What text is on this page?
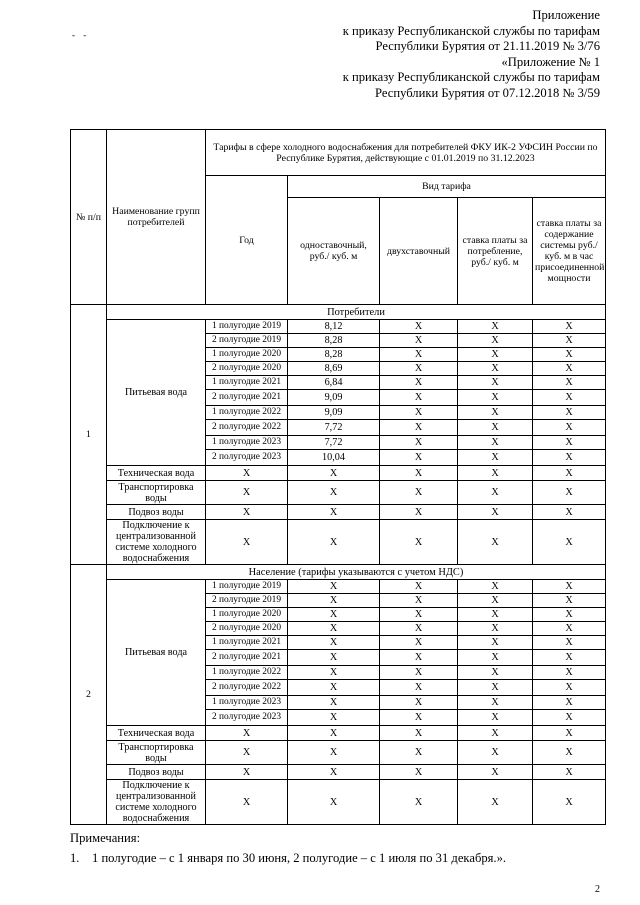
- -
Приложение
к приказу Республиканской службы по тарифам
Республики Бурятия от 21.11.2019 № 3/76
«Приложение № 1
к приказу Республиканской службы по тарифам
Республики Бурятия от 07.12.2018 № 3/59
№ п/п	Наименование групп потребителей	Тарифы в сфере холодного водоснабжения для потребителей ФКУ ИК-2 УФСИН России по Республике Бурятия, действующие с 01.01.2019 по 31.12.2023				
		Год	Вид тарифа			
			одноставочный, руб./ куб. м	двухставочный	ставка платы за потребление, руб./ куб. м	ставка платы за содержание системы руб./куб. м в час присоединенной мощности
1	Потребители					
	Питьевая вода	1 полугодие 2019	8,12	X	X	X
		2 полугодие 2019	8,28	X	X	X
		1 полугодие 2020	8,28	X	X	X
		2 полугодие 2020	8,69	X	X	X
		1 полугодие 2021	6,84	X	X	X
		2 полугодие 2021	9,09	X	X	X
		1 полугодие 2022	9,09	X	X	X
		2 полугодие 2022	7,72	X	X	X
		1 полугодие 2023	7,72	X	X	X
		2 полугодие 2023	10,04	X	X	X
	Техническая вода	X	X	X	X	X
	Транспортировка воды	X	X	X	X	X
	Подвоз воды	X	X	X	X	X
	Подключение к централизованной системе холодного водоснабжения	X	X	X	X	X
2	Население (тарифы указываются с учетом НДС)					
	Питьевая вода	1 полугодие 2019	X	X	X	X
		2 полугодие 2019	X	X	X	X
		1 полугодие 2020	X	X	X	X
		2 полугодие 2020	X	X	X	X
		1 полугодие 2021	X	X	X	X
		2 полугодие 2021	X	X	X	X
		1 полугодие 2022	X	X	X	X
		2 полугодие 2022	X	X	X	X
		1 полугодие 2023	X	X	X	X
		2 полугодие 2023	X	X	X	X
	Техническая вода	X	X	X	X	X
	Транспортировка воды	X	X	X	X	X
	Подвоз воды	X	X	X	X	X
	Подключение к централизованной системе холодного водоснабжения	X	X	X	X	X
Примечания:
1. 1 полугодие – с 1 января по 30 июня, 2 полугодие – с 1 июля по 31 декабря.».
2
